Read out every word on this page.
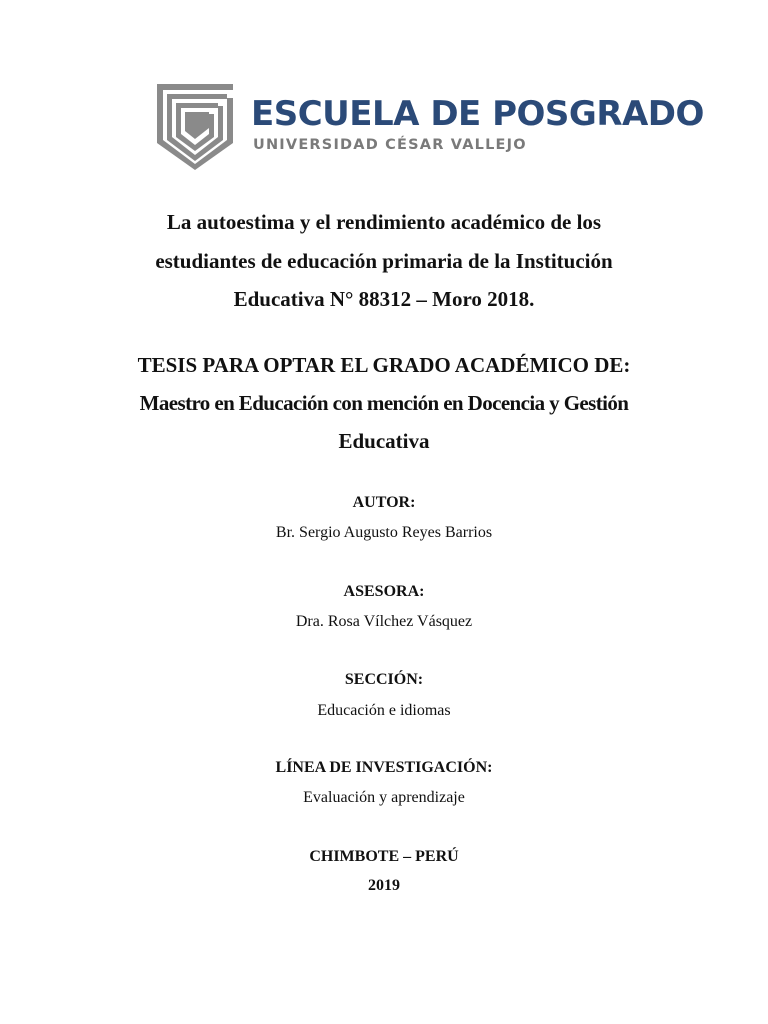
ESCUELA DE POSGRADO
UNIVERSIDAD CÉSAR VALLEJO
La autoestima y el rendimiento académico de los
estudiantes de educación primaria de la Institución
Educativa N° 88312 – Moro 2018.
TESIS PARA OPTAR EL GRADO ACADÉMICO DE:
Maestro en Educación con mención en Docencia y Gestión
Educativa
AUTOR:
Br. Sergio Augusto Reyes Barrios
ASESORA:
Dra. Rosa Vílchez Vásquez
SECCIÓN:
Educación e idiomas
LÍNEA DE INVESTIGACIÓN:
Evaluación y aprendizaje
CHIMBOTE – PERÚ
2019
